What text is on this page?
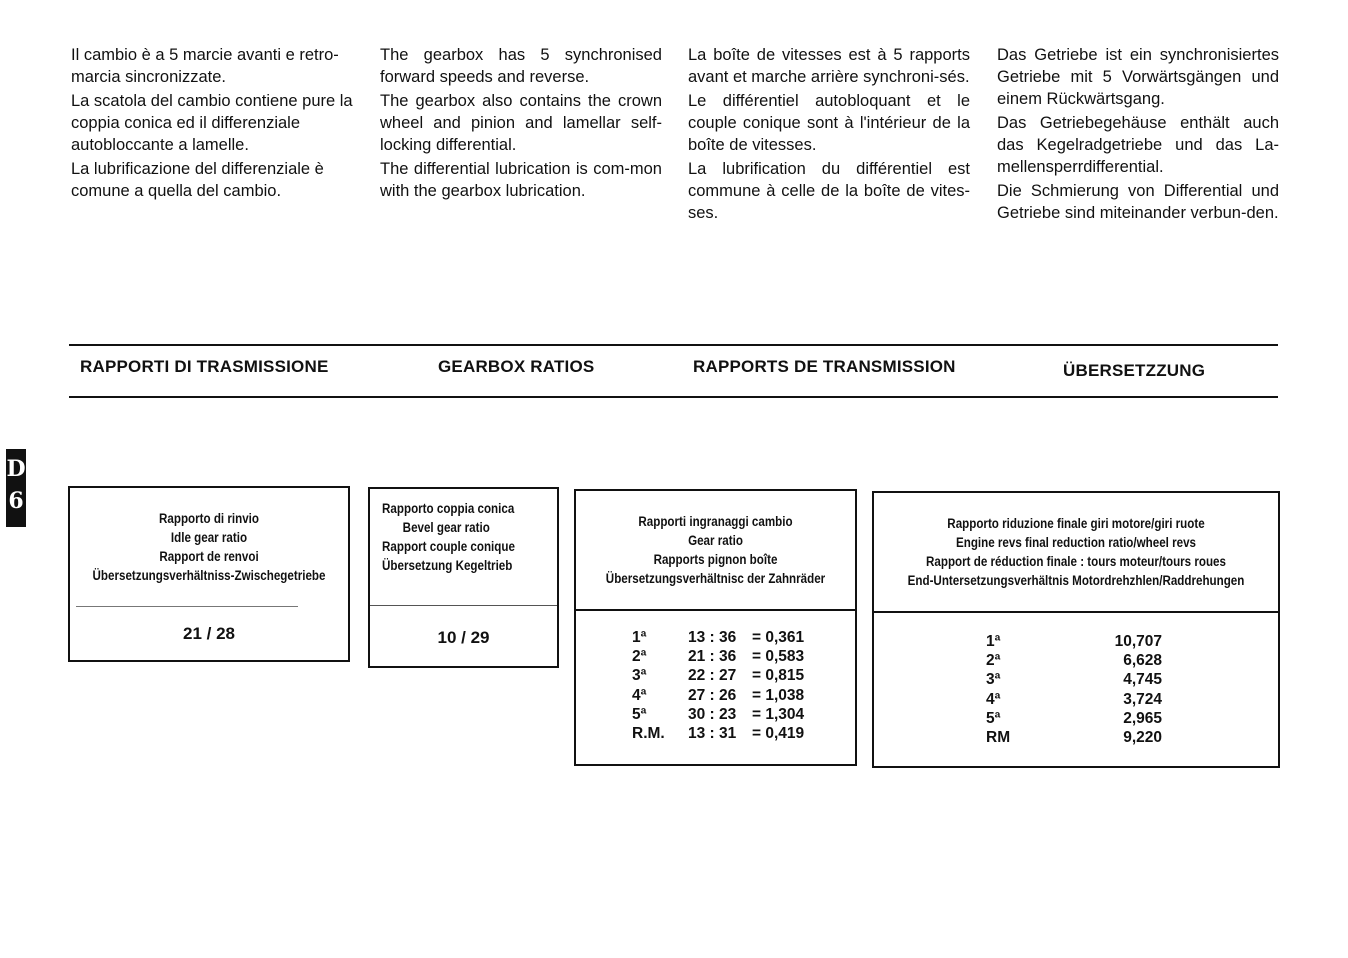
Il cambio è a 5 marcie avanti e retro-marcia sincronizzate.

La scatola del cambio contiene pure la coppia conica ed il differenziale autobloccante a lamelle.

La lubrificazione del differenziale è comune a quella del cambio.

The gearbox has 5 synchronised forward speeds and reverse.

The gearbox also contains the crown wheel and pinion and lamellar self-locking differential.

The differential lubrication is com-mon with the gearbox lubrication.

La boîte de vitesses est à 5 rapports avant et marche arrière synchroni-sés.

Le différentiel autobloquant et le couple conique sont à l'intérieur de la boîte de vitesses.

La lubrification du différentiel est commune à celle de la boîte de vites-ses.

Das Getriebe ist ein synchronisiertes Getriebe mit 5 Vorwärtsgängen und einem Rückwärtsgang.

Das Getriebegehäuse enthält auch das Kegelradgetriebe und das La-mellensperrdifferential.

Die Schmierung von Differential und Getriebe sind miteinander verbun-den.

RAPPORTI DI TRASMISSIONE	GEARBOX RATIOS	RAPPORTS DE TRANSMISSION	ÜBERSETZZUNG
D
6
Rapporto di rinvio
Idle gear ratio
Rapport de renvoi
Übersetzungsverhältniss-Zwischegetriebe
21 / 28
Rapporto coppia conica
Bevel gear ratio
Rapport couple conique
Übersetzung Kegeltrieb
10 / 29
Rapporti ingranaggi cambio
Gear ratio
Rapports pignon boîte
Übersetzungsverhältnisc der Zahnräder
1ª	13 : 36	= 0,361
2ª	21 : 36	= 0,583
3ª	22 : 27	= 0,815
4ª	27 : 26	= 1,038
5ª	30 : 23	= 1,304
R.M.	13 : 31	= 0,419
Rapporto riduzione finale giri motore/giri ruote
Engine revs final reduction ratio/wheel revs
Rapport de réduction finale : tours moteur/tours roues
End-Untersetzungsverhältnis Motordrehzhlen/Raddrehungen
1ª	10,707
2ª	6,628
3ª	4,745
4ª	3,724
5ª	2,965
RM	9,220
